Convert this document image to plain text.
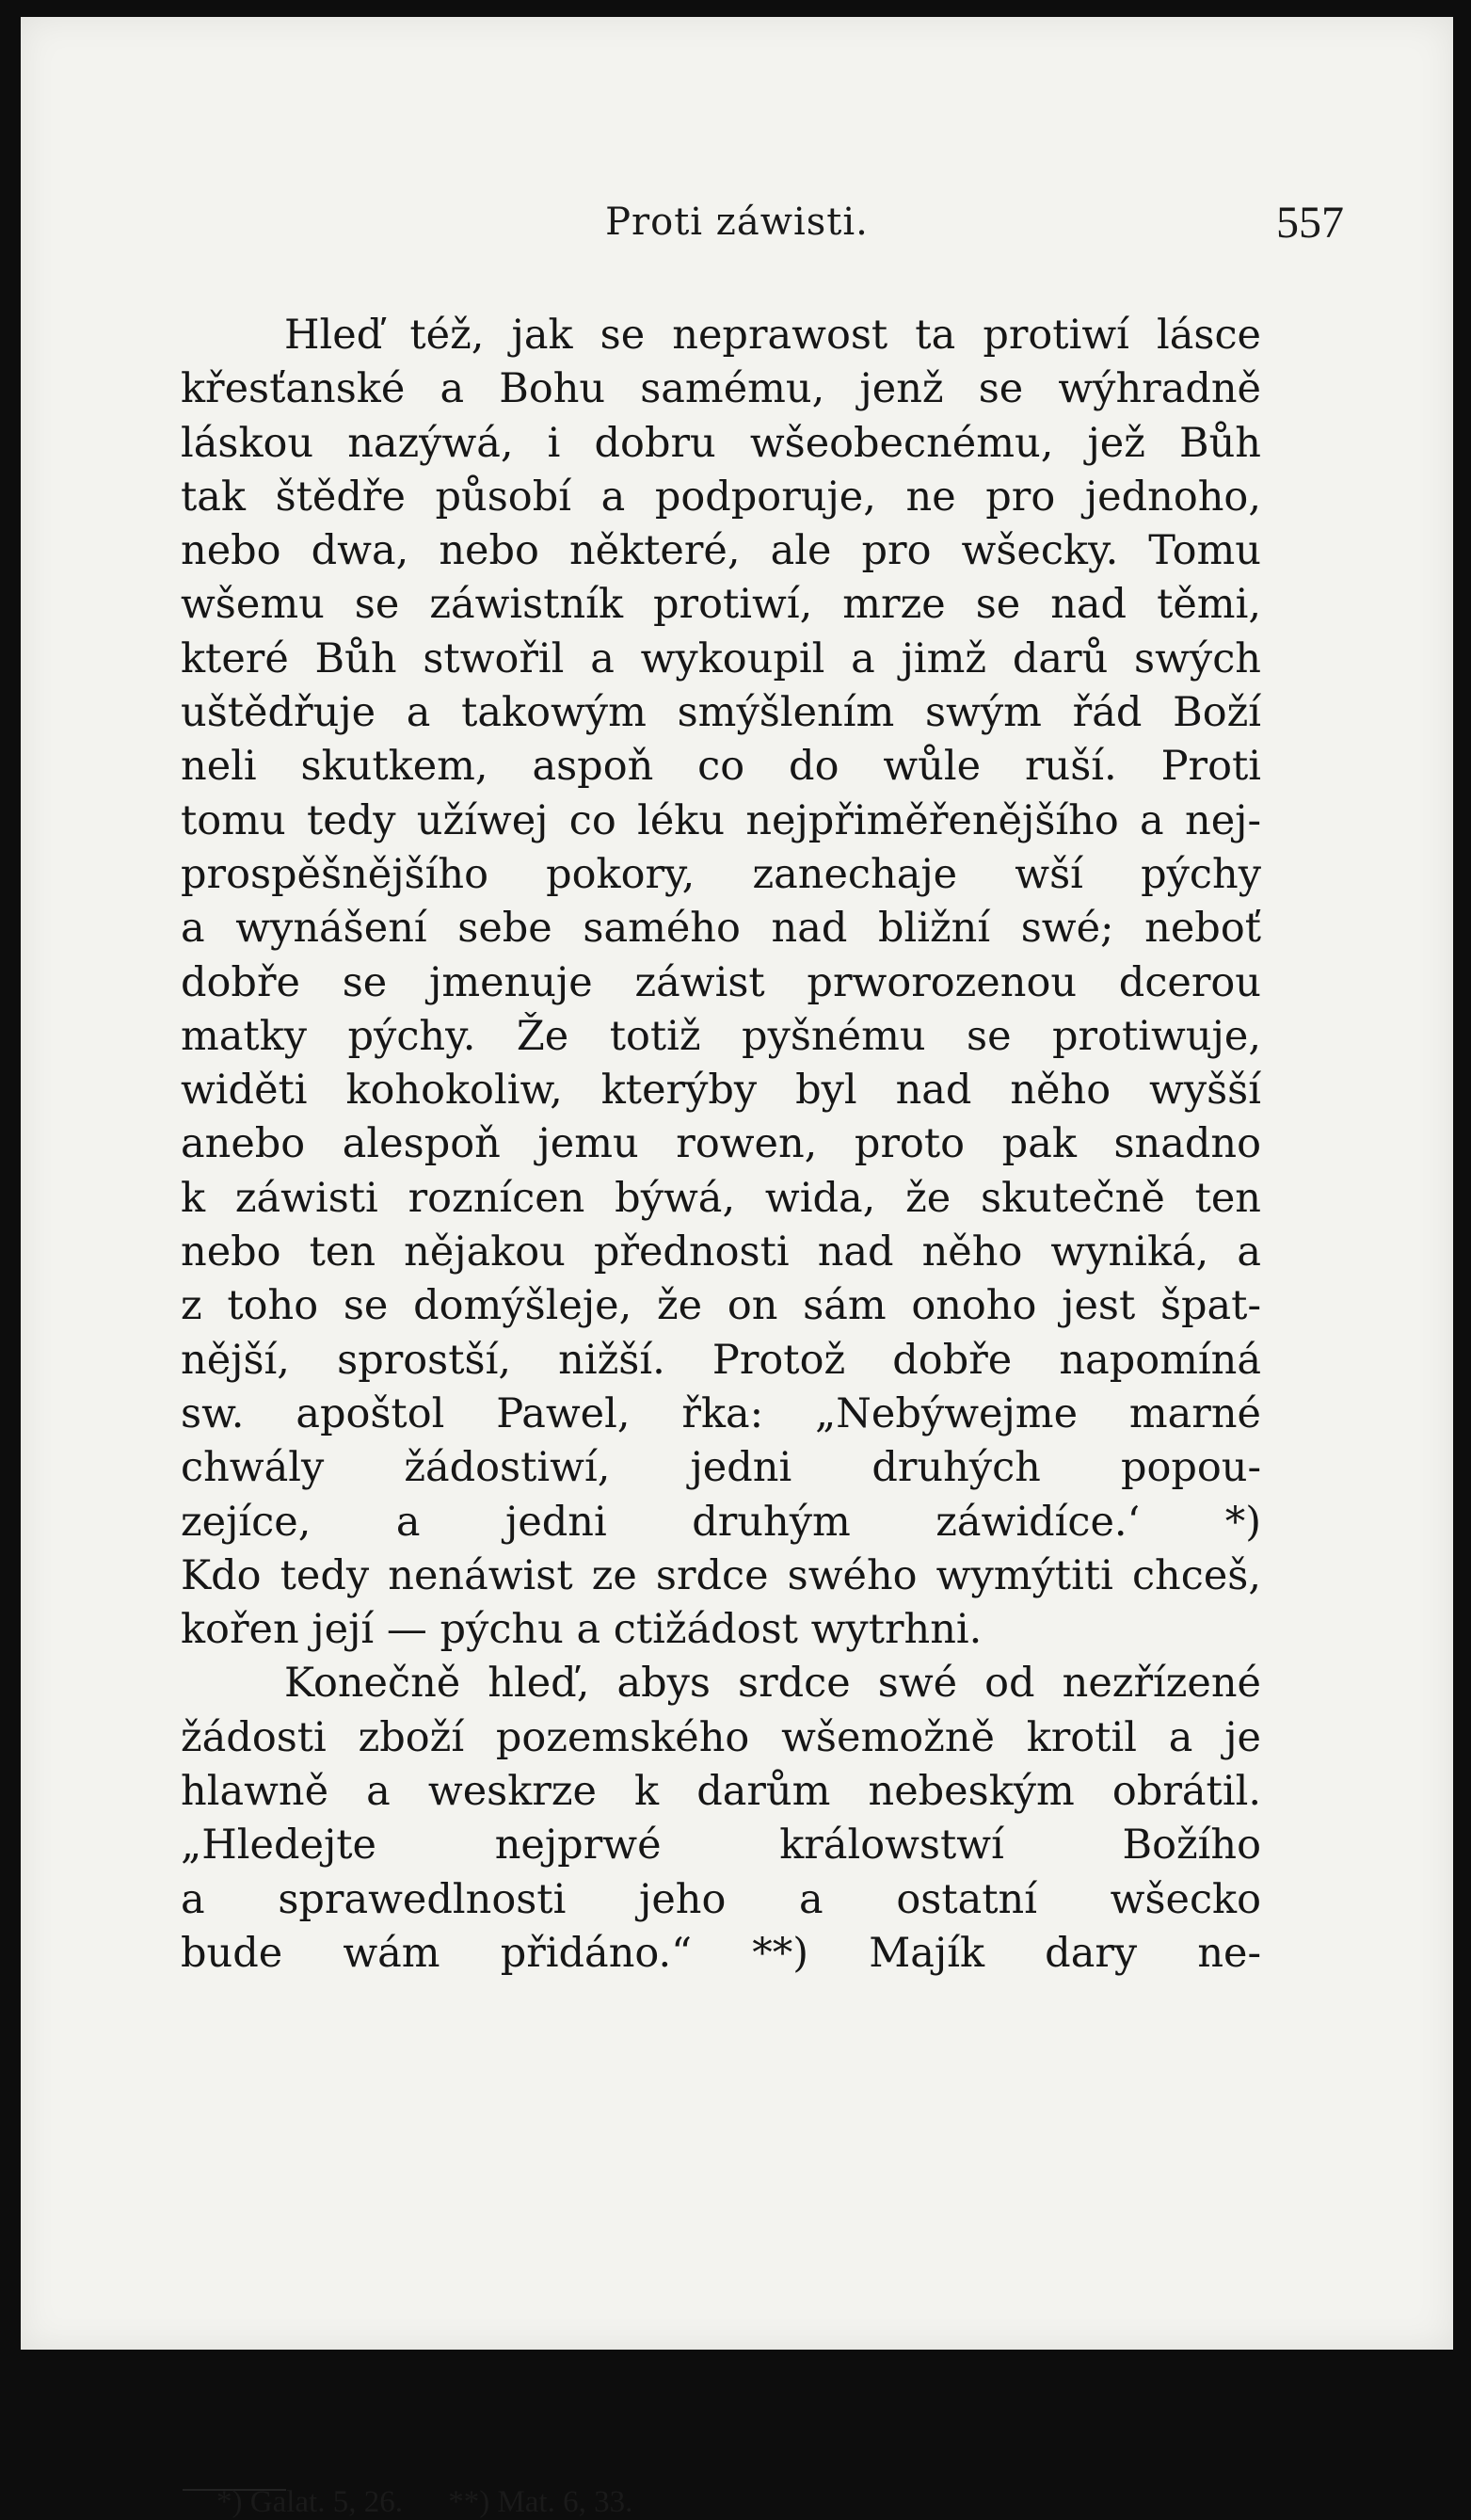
Proti záwisti.	557
Hleď též, jak se neprawost ta protiwí lásce
křesťanské a Bohu samému, jenž se wýhradně
láskou nazýwá, i dobru wšeobecnému, jež Bůh
tak štědře působí a podporuje, ne pro jednoho,
nebo dwa, nebo některé, ale pro wšecky. Tomu
wšemu se záwistník protiwí, mrze se nad těmi,
které Bůh stwořil a wykoupil a jimž darů swých
uštědřuje a takowým smýšlením swým řád Boží
neli skutkem, aspoň co do wůle ruší. Proti
tomu tedy užíwej co léku nejpřiměřenějšího a nej-
prospěšnějšího pokory, zanechaje wší pýchy
a wynášení sebe samého nad bližní swé; neboť
dobře se jmenuje záwist prworozenou dcerou
matky pýchy. Že totiž pyšnému se protiwuje,
widěti kohokoliw, kterýby byl nad něho wyšší
anebo alespoň jemu rowen, proto pak snadno
k záwisti roznícen býwá, wida, že skutečně ten
nebo ten nějakou přednosti nad něho wyniká, a
z toho se domýšleje, že on sám onoho jest špat-
nější, sprostší, nižší. Protož dobře napomíná
sw. apoštol Pawel, řka: „Nebýwejme marné
chwály žádostiwí, jedni druhých popou-
zejíce, a jedni druhým záwidíce.‘ *)
Kdo tedy nenáwist ze srdce swého wymýtiti chceš,
kořen její — pýchu a ctižádost wytrhni.
Konečně hleď, abys srdce swé od nezřízené
žádosti zboží pozemského wšemožně krotil a je
hlawně a weskrze k darům nebeským obrátil.
„Hledejte nejprwé králowstwí Božího
a sprawedlnosti jeho a ostatní wšecko
bude wám přidáno.“ **) Majík dary ne-
*) Galat. 5, 26. **) Mat. 6, 33.
